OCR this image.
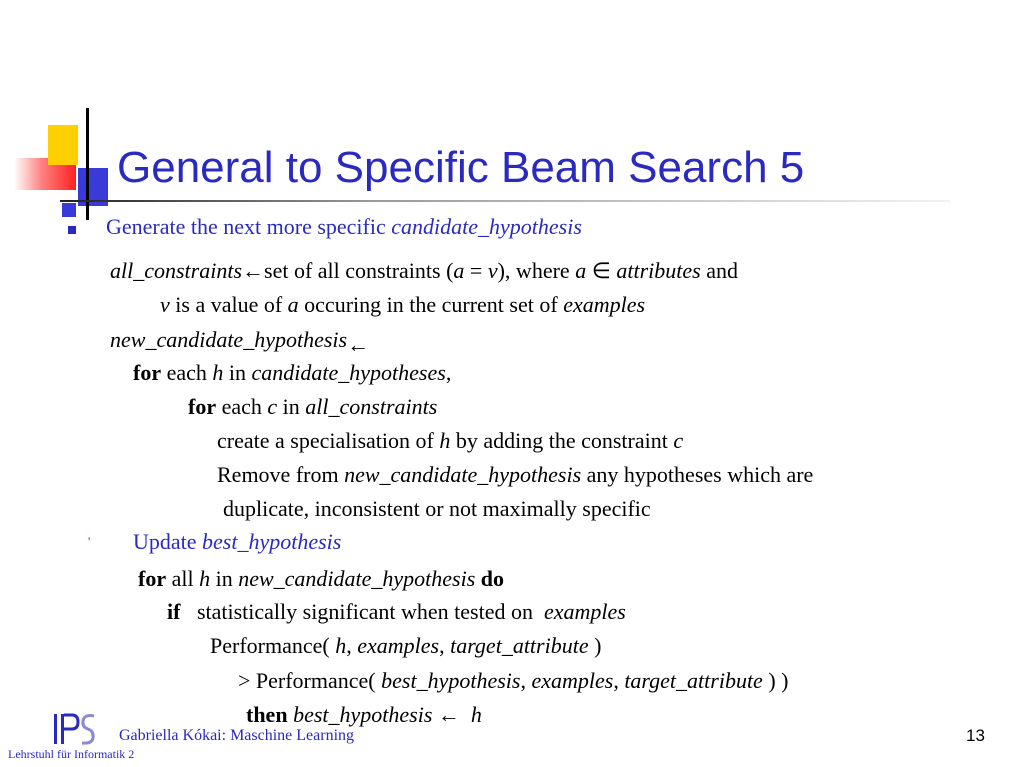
General to Specific Beam Search 5
Generate the next more specific candidate_hypothesis
all_constraints←set of all constraints (a = v), where a ∈ attributes and
v is a value of a occuring in the current set of examples
new_candidate_hypothesis←
for each h in candidate_hypotheses,
for each c in all_constraints
create a specialisation of h by adding the constraint c
Remove from new_candidate_hypothesis any hypotheses which are
duplicate, inconsistent or not maximally specific
' Update best_hypothesis
for all h in new_candidate_hypothesis do
if   statistically significant when tested on  examples
Performance( h, examples, target_attribute )
> Performance( best_hypothesis, examples, target_attribute ) )
then best_hypothesis ←  h
Gabriella Kókai: Maschine Learning
Lehrstuhl für Informatik 2
13
